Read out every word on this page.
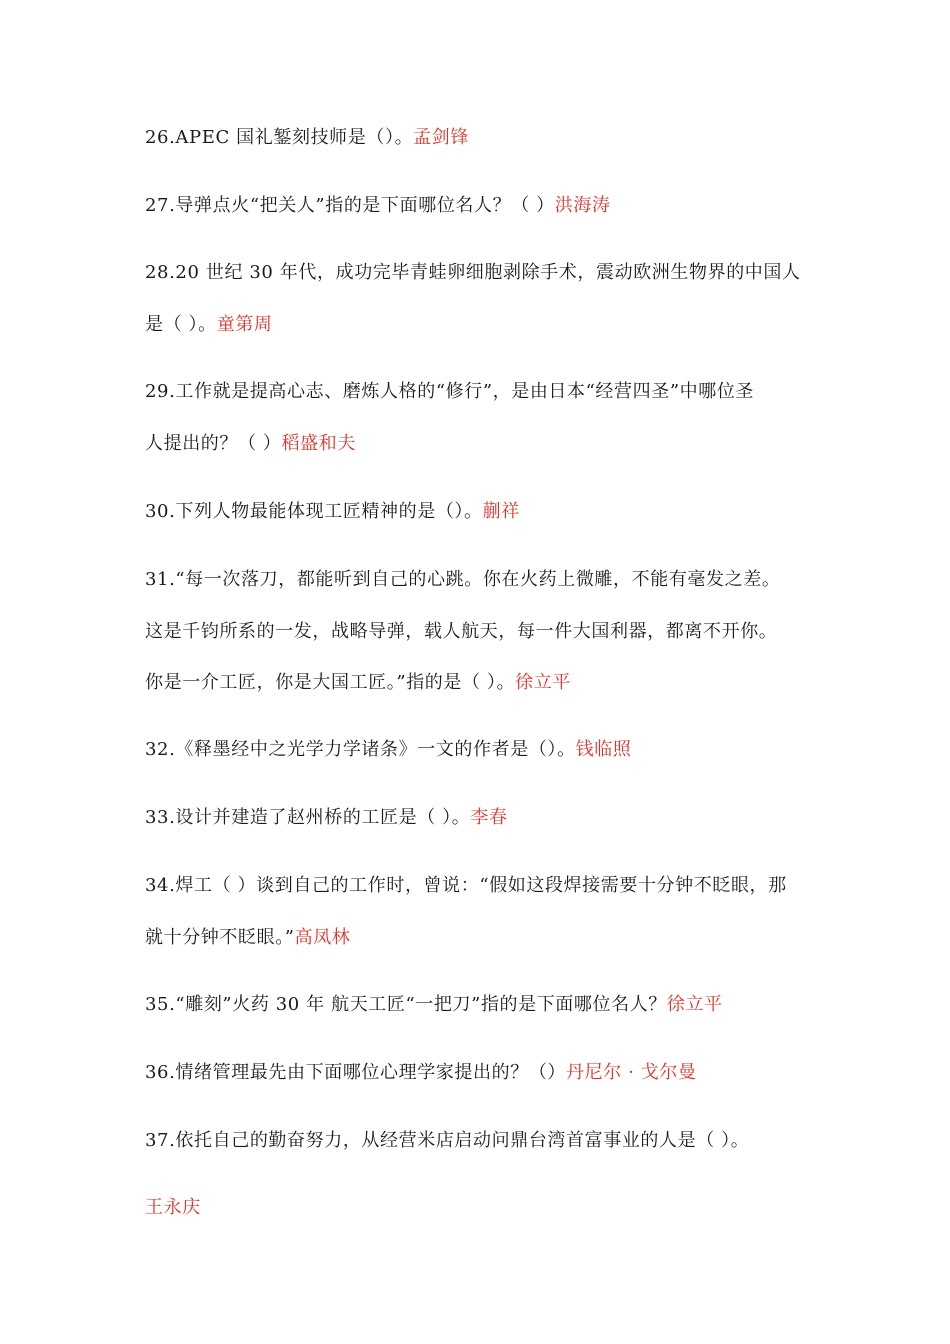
26.APEC 国礼錾刻技师是（）。孟剑锋
27.导弹点火“把关人”指的是下面哪位名人？（ ）洪海涛
28.20 世纪 30 年代，成功完毕青蛙卵细胞剥除手术，震动欧洲生物界的中国人
是（ ）。童第周
29.工作就是提高心志、磨炼人格的“修行”，是由日本“经营四圣”中哪位圣
人提出的？（ ）稻盛和夫
30.下列人物最能体现工匠精神的是（）。蒯祥
31.“每一次落刀，都能听到自己的心跳。你在火药上微雕，不能有毫发之差。
这是千钧所系的一发，战略导弹，载人航天，每一件大国利器，都离不开你。
你是一介工匠，你是大国工匠。”指的是（ ）。徐立平
32.《释墨经中之光学力学诸条》一文的作者是（）。钱临照
33.设计并建造了赵州桥的工匠是（ ）。李春
34.焊工（ ）谈到自己的工作时，曾说：“假如这段焊接需要十分钟不眨眼，那
就十分钟不眨眼。”高凤林
35.“雕刻”火药 30 年 航天工匠“一把刀”指的是下面哪位名人？徐立平
36.情绪管理最先由下面哪位心理学家提出的？（）丹尼尔 · 戈尔曼
37.依托自己的勤奋努力，从经营米店启动问鼎台湾首富事业的人是（ ）。
王永庆
